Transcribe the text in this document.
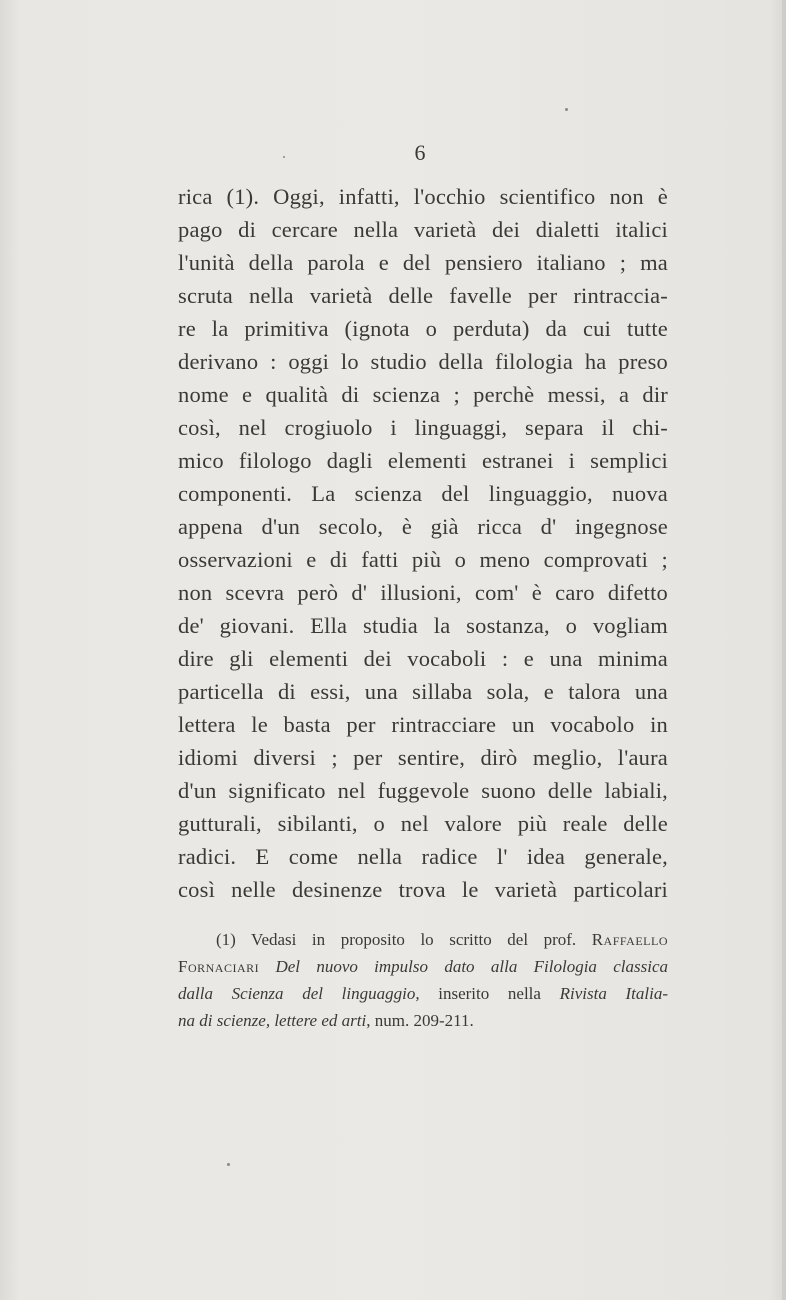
6
rica (1). Oggi, infatti, l'occhio scientifico non è
pago di cercare nella varietà dei dialetti italici
l'unità della parola e del pensiero italiano ; ma
scruta nella varietà delle favelle per rintraccia-
re la primitiva (ignota o perduta) da cui tutte
derivano : oggi lo studio della filologia ha preso
nome e qualità di scienza ; perchè messi, a dir
così, nel crogiuolo i linguaggi, separa il chi-
mico filologo dagli elementi estranei i semplici
componenti. La scienza del linguaggio, nuova
appena d'un secolo, è già ricca d' ingegnose
osservazioni e di fatti più o meno comprovati ;
non scevra però d' illusioni, com' è caro difetto
de' giovani. Ella studia la sostanza, o vogliam
dire gli elementi dei vocaboli : e una minima
particella di essi, una sillaba sola, e talora una
lettera le basta per rintracciare un vocabolo in
idiomi diversi ; per sentire, dirò meglio, l'aura
d'un significato nel fuggevole suono delle labiali,
gutturali, sibilanti, o nel valore più reale delle
radici. E come nella radice l' idea generale,
così nelle desinenze trova le varietà particolari
(1) Vedasi in proposito lo scritto del prof. Raffaello
Fornaciari Del nuovo impulso dato alla Filologia classica
dalla Scienza del linguaggio, inserito nella Rivista Italia-
na di scienze, lettere ed arti, num. 209-211.
